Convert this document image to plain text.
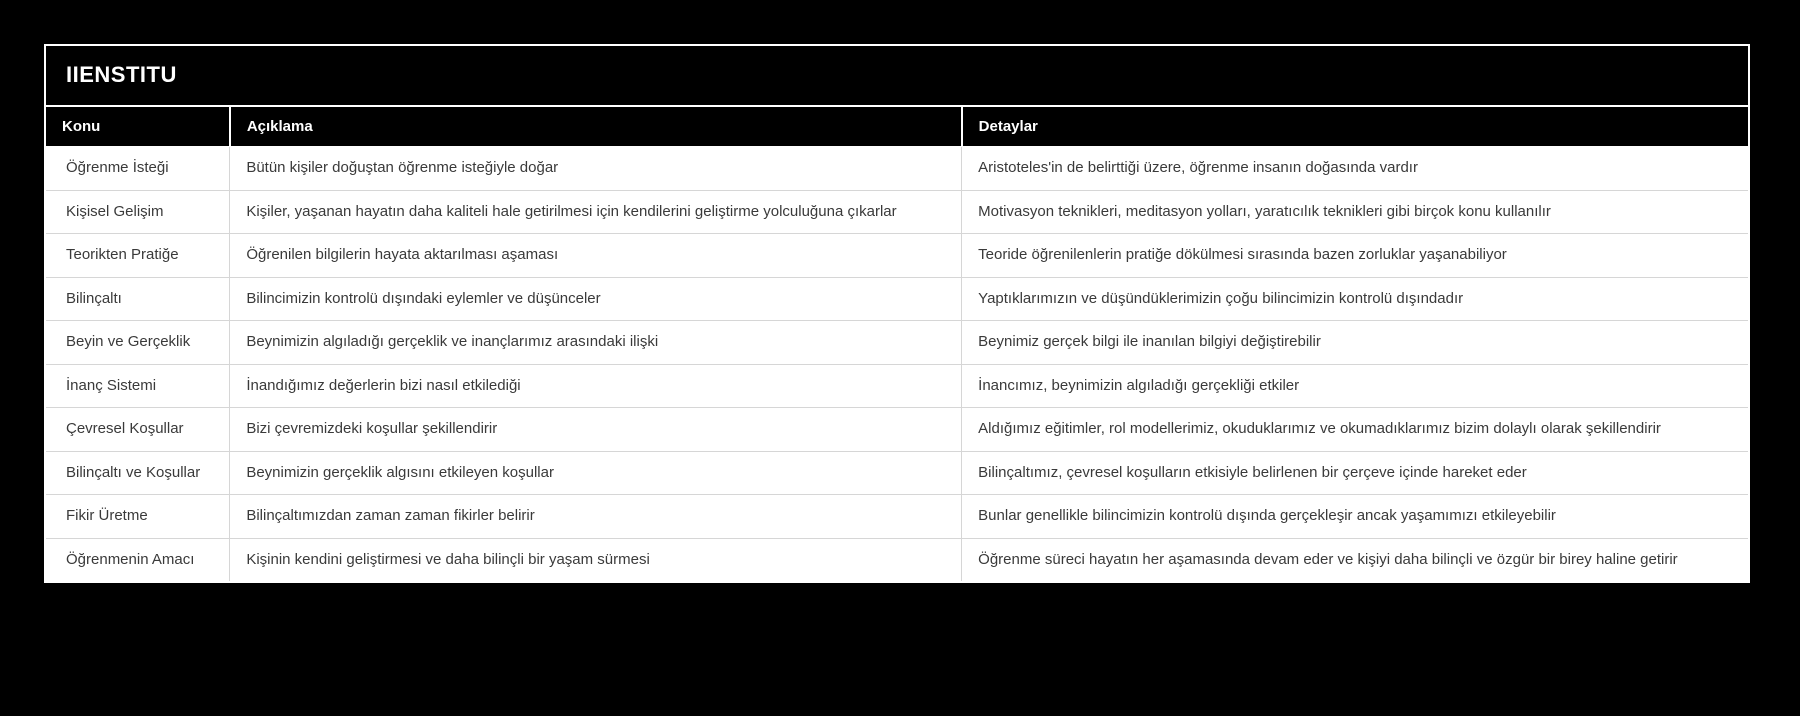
IIENSTITU
Konu	Açıklama	Detaylar
Öğrenme İsteği	Bütün kişiler doğuştan öğrenme isteğiyle doğar	Aristoteles'in de belirttiği üzere, öğrenme insanın doğasında vardır
Kişisel Gelişim	Kişiler, yaşanan hayatın daha kaliteli hale getirilmesi için kendilerini geliştirme yolculuğuna çıkarlar	Motivasyon teknikleri, meditasyon yolları, yaratıcılık teknikleri gibi birçok konu kullanılır
Teorikten Pratiğe	Öğrenilen bilgilerin hayata aktarılması aşaması	Teoride öğrenilenlerin pratiğe dökülmesi sırasında bazen zorluklar yaşanabiliyor
Bilinçaltı	Bilincimizin kontrolü dışındaki eylemler ve düşünceler	Yaptıklarımızın ve düşündüklerimizin çoğu bilincimizin kontrolü dışındadır
Beyin ve Gerçeklik	Beynimizin algıladığı gerçeklik ve inançlarımız arasındaki ilişki	Beynimiz gerçek bilgi ile inanılan bilgiyi değiştirebilir
İnanç Sistemi	İnandığımız değerlerin bizi nasıl etkilediği	İnancımız, beynimizin algıladığı gerçekliği etkiler
Çevresel Koşullar	Bizi çevremizdeki koşullar şekillendirir	Aldığımız eğitimler, rol modellerimiz, okuduklarımız ve okumadıklarımız bizim dolaylı olarak şekillendirir
Bilinçaltı ve Koşullar	Beynimizin gerçeklik algısını etkileyen koşullar	Bilinçaltımız, çevresel koşulların etkisiyle belirlenen bir çerçeve içinde hareket eder
Fikir Üretme	Bilinçaltımızdan zaman zaman fikirler belirir	Bunlar genellikle bilincimizin kontrolü dışında gerçekleşir ancak yaşamımızı etkileyebilir
Öğrenmenin Amacı	Kişinin kendini geliştirmesi ve daha bilinçli bir yaşam sürmesi	Öğrenme süreci hayatın her aşamasında devam eder ve kişiyi daha bilinçli ve özgür bir birey haline getirir
